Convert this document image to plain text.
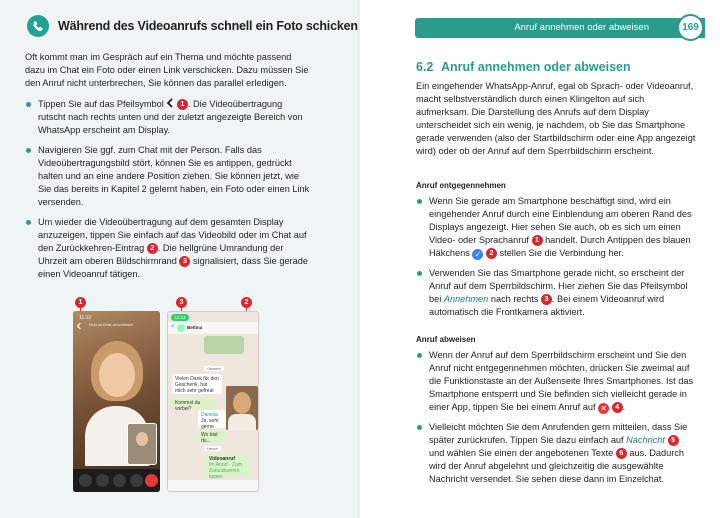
Während des Videoanrufs schnell ein Foto schicken

Oft kommt man im Gespräch auf ein Thema und möchte passend dazu im Chat ein Foto oder einen Link verschicken. Dazu müssen Sie den Anruf nicht unterbrechen, Sie können das parallel erledigen.

Tippen Sie auf das Pfeilsymbol 1 . Die Videoübertragung rutscht nach rechts unten und der zuletzt angezeigte Bereich von WhatsApp erscheint am Display.
Navigieren Sie ggf. zum Chat mit der Person. Falls das Videoübertragungsbild stört, können Sie es antippen, gedrückt halten und an eine andere Position ziehen. Sie können jetzt, wie Sie das bereits in Kapitel 2 gelernt haben, ein Foto oder einen Link versenden.
Um wieder die Videoübertragung auf dem gesamten Display anzuzeigen, tippen Sie einfach auf das Videobild oder im Chat auf den Zurückkehren-Eintrag 2 . Die hellgrüne Umrandung der Uhrzeit am oberen Bildschirmrand 3 signalisiert, dass Sie gerade einen Videoanruf tätigen.
1	3	2
11:12
Ende-zu-Ende-verschlüsselt
11:13
<	Bettina
Gestern
Vielen Dank für den Geschenk, hat mich sehr gefreut
Kommst du vorbei?
Daniela
Ja, sehr gerne
Wo bist du...
Heute
Videoanruf
Im Anruf · Zum Zurückkehren tippen
Anruf annehmen oder abweisen	169
6.2 Anruf annehmen oder abweisen

Ein eingehender WhatsApp-Anruf, egal ob Sprach- oder Videoanruf, macht selbstverständlich durch einen Klingelton auf sich aufmerksam. Die Darstellung des Anrufs auf dem Display unterscheidet sich ein wenig, je nachdem, ob Sie das Smartphone gerade verwenden (also der Startbildschirm oder eine App angezeigt wird) oder ob der Anruf auf dem Sperrbildschirm erscheint.

Anruf entgegennehmen
Wenn Sie gerade am Smartphone beschäftigt sind, wird ein eingehender Anruf durch eine Einblendung am oberen Rand des Displays angezeigt. Hier sehen Sie auch, ob es sich um einen Video- oder Sprachanruf 1 handelt. Durch Antippen des blauen Häkchens ✓ 2 stellen Sie die Verbindung her.
Verwenden Sie das Smartphone gerade nicht, so erscheint der Anruf auf dem Sperrbildschirm. Hier ziehen Sie das Pfeilsymbol bei Annehmen nach rechts 3 . Bei einem Videoanruf wird automatisch die Frontkamera aktiviert.
Anruf abweisen
Wenn der Anruf auf dem Sperrbildschirm erscheint und Sie den Anruf nicht entgegennehmen möchten, drücken Sie zweimal auf die Funktionstaste an der Außenseite Ihres Smartphones. Ist das Smartphone entsperrt und Sie befinden sich vielleicht gerade in einer App, tippen Sie bei einem Anruf auf ✕ 4 .
Vielleicht möchten Sie dem Anrufenden gern mitteilen, dass Sie später zurückrufen. Tippen Sie dazu einfach auf Nachricht 5 und wählen Sie einen der angebotenen Texte 6 aus. Dadurch wird der Anruf abgelehnt und gleichzeitig die ausgewählte Nachricht versendet. Sie sehen diese dann im Einzelchat.
